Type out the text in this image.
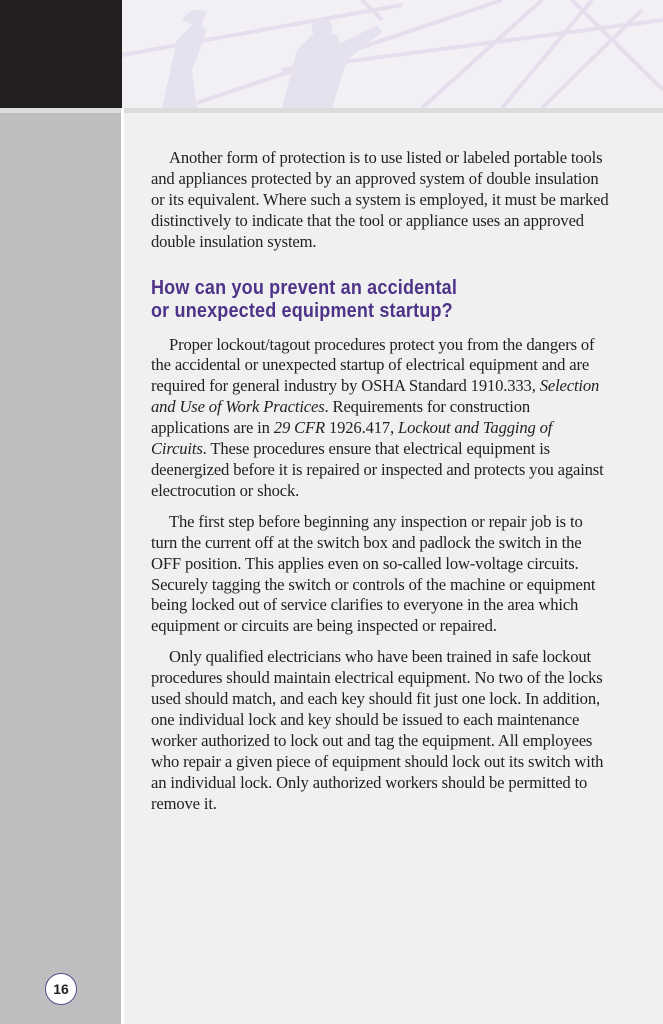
Another form of protection is to use listed or labeled portable tools and appliances protected by an approved system of double insulation or its equivalent. Where such a system is employed, it must be marked distinctively to indicate that the tool or appliance uses an approved double insulation system.

How can you prevent an accidental
or unexpected equipment startup?

Proper lockout/tagout procedures protect you from the dangers of the accidental or unexpected startup of electrical equipment and are required for general industry by OSHA Standard 1910.333, Selection and Use of Work Practices. Requirements for construction applications are in 29 CFR 1926.417, Lockout and Tagging of Circuits. These procedures ensure that electrical equipment is deenergized before it is repaired or inspected and protects you against electrocution or shock.

The first step before beginning any inspection or repair job is to turn the current off at the switch box and padlock the switch in the OFF position. This applies even on so-called low-voltage circuits. Securely tagging the switch or controls of the machine or equipment being locked out of service clarifies to everyone in the area which equipment or circuits are being inspected or repaired.

Only qualified electricians who have been trained in safe lockout procedures should maintain electrical equipment. No two of the locks used should match, and each key should fit just one lock. In addition, one individual lock and key should be issued to each maintenance worker authorized to lock out and tag the equipment. All employees who repair a given piece of equipment should lock out its switch with an individual lock. Only authorized workers should be permitted to remove it.

16
